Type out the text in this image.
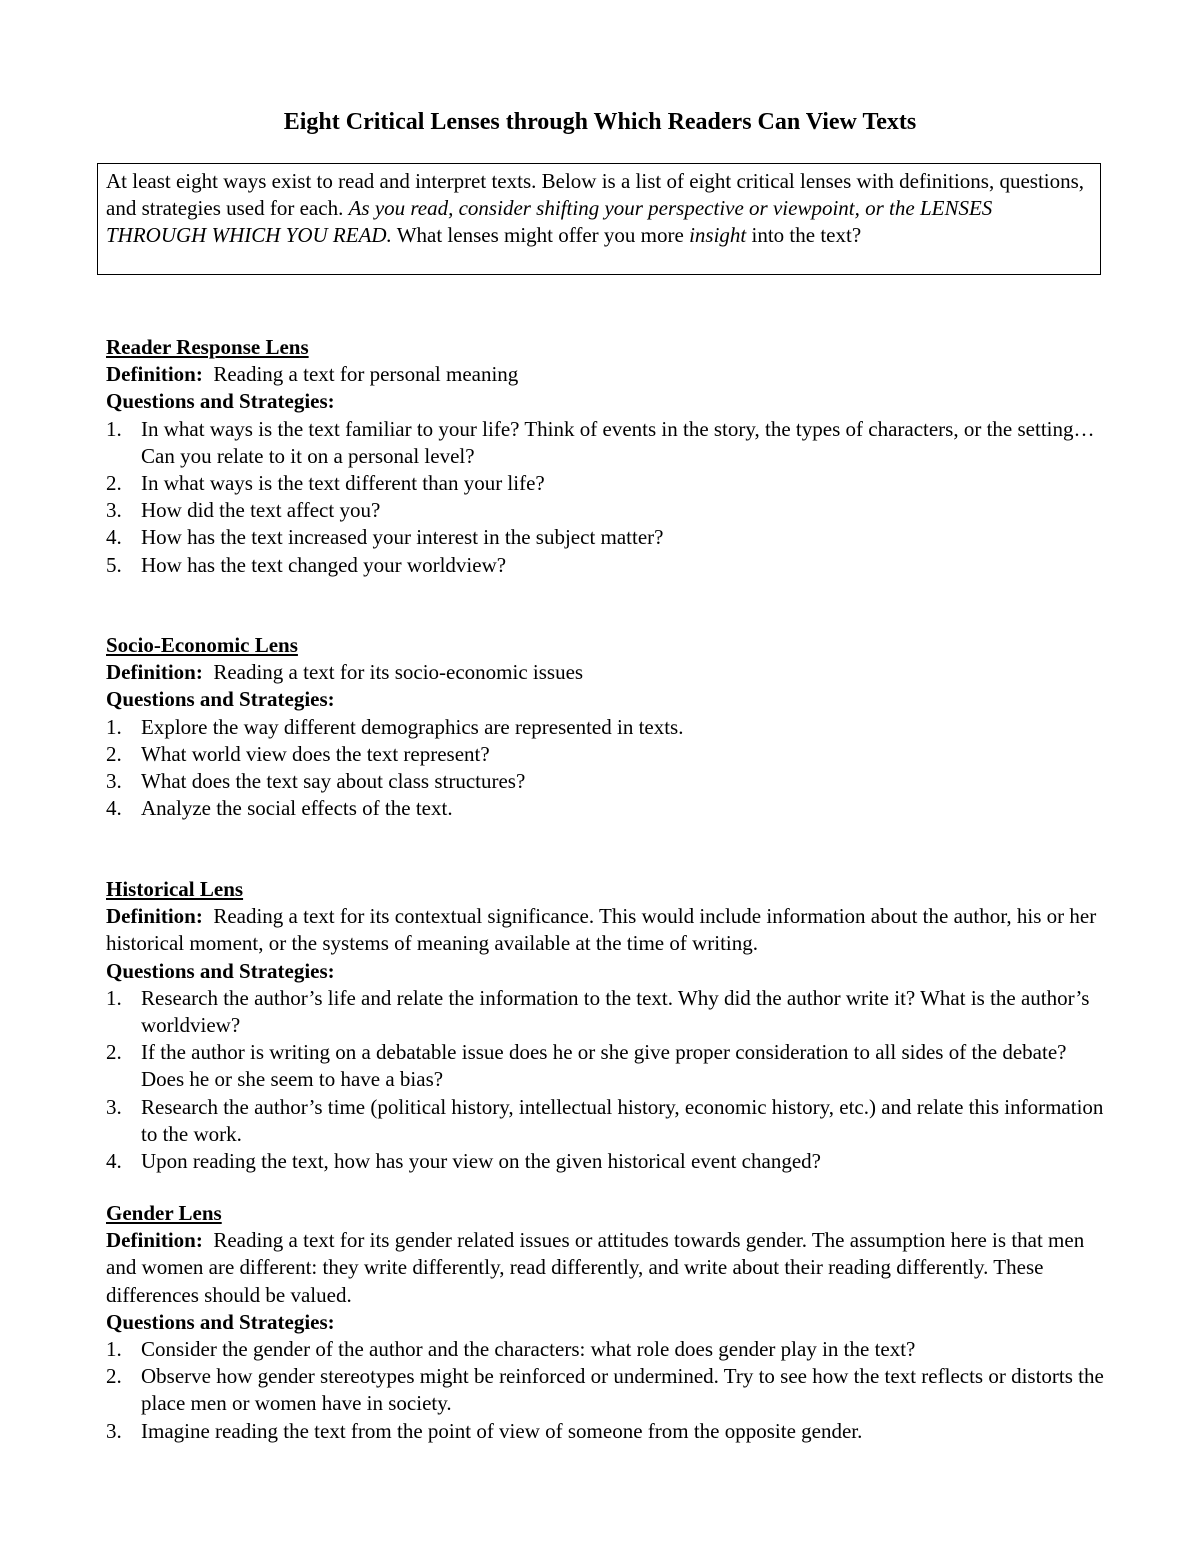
Eight Critical Lenses through Which Readers Can View Texts

At least eight ways exist to read and interpret texts. Below is a list of eight critical lenses with definitions, questions, and strategies used for each. As you read, consider shifting your perspective or viewpoint, or the LENSES THROUGH WHICH YOU READ. What lenses might offer you more insight into the text?

Reader Response Lens
Definition: Reading a text for personal meaning
Questions and Strategies:
1. In what ways is the text familiar to your life? Think of events in the story, the types of characters, or the setting… Can you relate to it on a personal level?
2. In what ways is the text different than your life?
3. How did the text affect you?
4. How has the text increased your interest in the subject matter?
5. How has the text changed your worldview?
Socio-Economic Lens
Definition: Reading a text for its socio-economic issues
Questions and Strategies:
1. Explore the way different demographics are represented in texts.
2. What world view does the text represent?
3. What does the text say about class structures?
4. Analyze the social effects of the text.
Historical Lens
Definition: Reading a text for its contextual significance. This would include information about the author, his or her historical moment, or the systems of meaning available at the time of writing.
Questions and Strategies:
1. Research the author’s life and relate the information to the text. Why did the author write it? What is the author’s worldview?
2. If the author is writing on a debatable issue does he or she give proper consideration to all sides of the debate? Does he or she seem to have a bias?
3. Research the author’s time (political history, intellectual history, economic history, etc.) and relate this information to the work.
4. Upon reading the text, how has your view on the given historical event changed?
Gender Lens
Definition: Reading a text for its gender related issues or attitudes towards gender. The assumption here is that men and women are different: they write differently, read differently, and write about their reading differently. These differences should be valued.
Questions and Strategies:
1. Consider the gender of the author and the characters: what role does gender play in the text?
2. Observe how gender stereotypes might be reinforced or undermined. Try to see how the text reflects or distorts the place men or women have in society.
3. Imagine reading the text from the point of view of someone from the opposite gender.
